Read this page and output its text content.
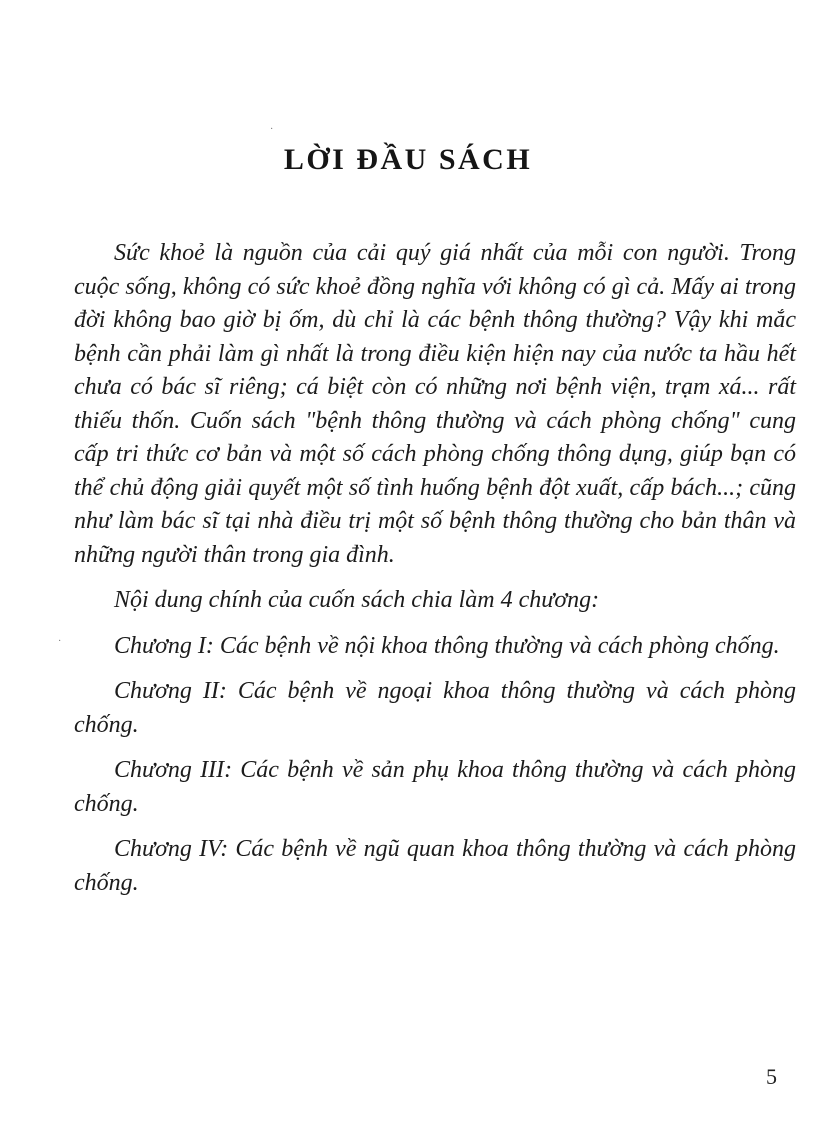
LỜI ĐẦU SÁCH

Sức khoẻ là nguồn của cải quý giá nhất của mỗi con người. Trong cuộc sống, không có sức khoẻ đồng nghĩa với không có gì cả. Mấy ai trong đời không bao giờ bị ốm, dù chỉ là các bệnh thông thường? Vậy khi mắc bệnh cần phải làm gì nhất là trong điều kiện hiện nay của nước ta hầu hết chưa có bác sĩ riêng; cá biệt còn có những nơi bệnh viện, trạm xá... rất thiếu thốn. Cuốn sách "bệnh thông thường và cách phòng chống" cung cấp tri thức cơ bản và một số cách phòng chống thông dụng, giúp bạn có thể chủ động giải quyết một số tình huống bệnh đột xuất, cấp bách...; cũng như làm bác sĩ tại nhà điều trị một số bệnh thông thường cho bản thân và những người thân trong gia đình.

Nội dung chính của cuốn sách chia làm 4 chương:

Chương I: Các bệnh về nội khoa thông thường và cách phòng chống.

Chương II: Các bệnh về ngoại khoa thông thường và cách phòng chống.

Chương III: Các bệnh về sản phụ khoa thông thường và cách phòng chống.

Chương IV: Các bệnh về ngũ quan khoa thông thường và cách phòng chống.

5
·
·
